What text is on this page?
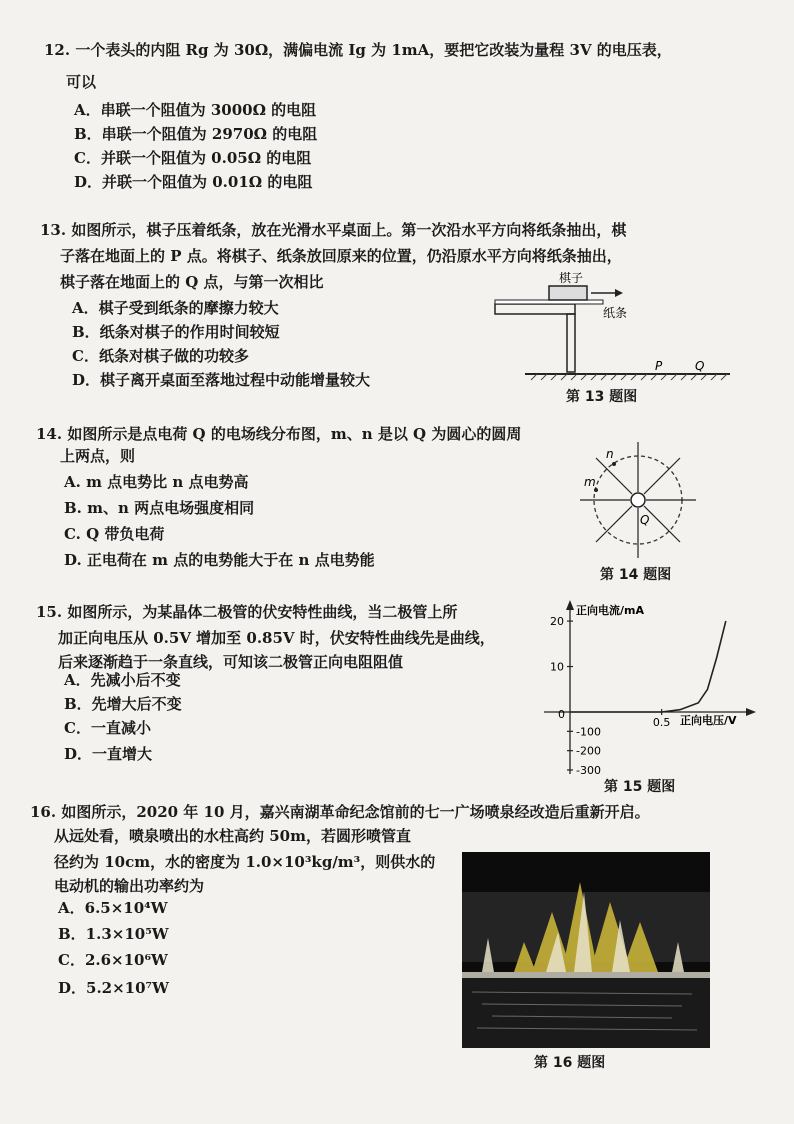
12. 一个表头的内阻 Rg 为 30Ω，满偏电流 Ig 为 1mA，要把它改装为量程 3V 的电压表，
可以
A．串联一个阻值为 3000Ω 的电阻
B．串联一个阻值为 2970Ω 的电阻
C．并联一个阻值为 0.05Ω 的电阻
D．并联一个阻值为 0.01Ω 的电阻
13. 如图所示，棋子压着纸条，放在光滑水平桌面上。第一次沿水平方向将纸条抽出，棋
子落在地面上的 P 点。将棋子、纸条放回原来的位置，仍沿原水平方向将纸条抽出，
棋子落在地面上的 Q 点，与第一次相比
A．棋子受到纸条的摩擦力较大
B．纸条对棋子的作用时间较短
C．纸条对棋子做的功较多
D．棋子离开桌面至落地过程中动能增量较大
棋子
纸条
P	Q
第 13 题图
14. 如图所示是点电荷 Q 的电场线分布图，m、n 是以 Q 为圆心的圆周
上两点，则
A. m 点电势比 n 点电势高
B. m、n 两点电场强度相同
C. Q 带负电荷
D. 正电荷在 m 点的电势能大于在 n 点电势能
m
n
Q
第 14 题图
15. 如图所示，为某晶体二极管的伏安特性曲线，当二极管上所
加正向电压从 0.5V 增加至 0.85V 时，伏安特性曲线先是曲线，
后来逐渐趋于一条直线，可知该二极管正向电阻阻值
A．先减小后不变
B．先增大后不变
C．一直减小
D．一直增大
20
10
-100
-200
-300
0.5
正向电流/mA
正向电压/V
0
第 15 题图
16. 如图所示，2020 年 10 月，嘉兴南湖革命纪念馆前的七一广场喷泉经改造后重新开启。
从远处看，喷泉喷出的水柱高约 50m，若圆形喷管直
径约为 10cm，水的密度为 1.0×10³kg/m³，则供水的
电动机的输出功率约为
A．6.5×10⁴W
B．1.3×10⁵W
C．2.6×10⁶W
D．5.2×10⁷W
第 16 题图
